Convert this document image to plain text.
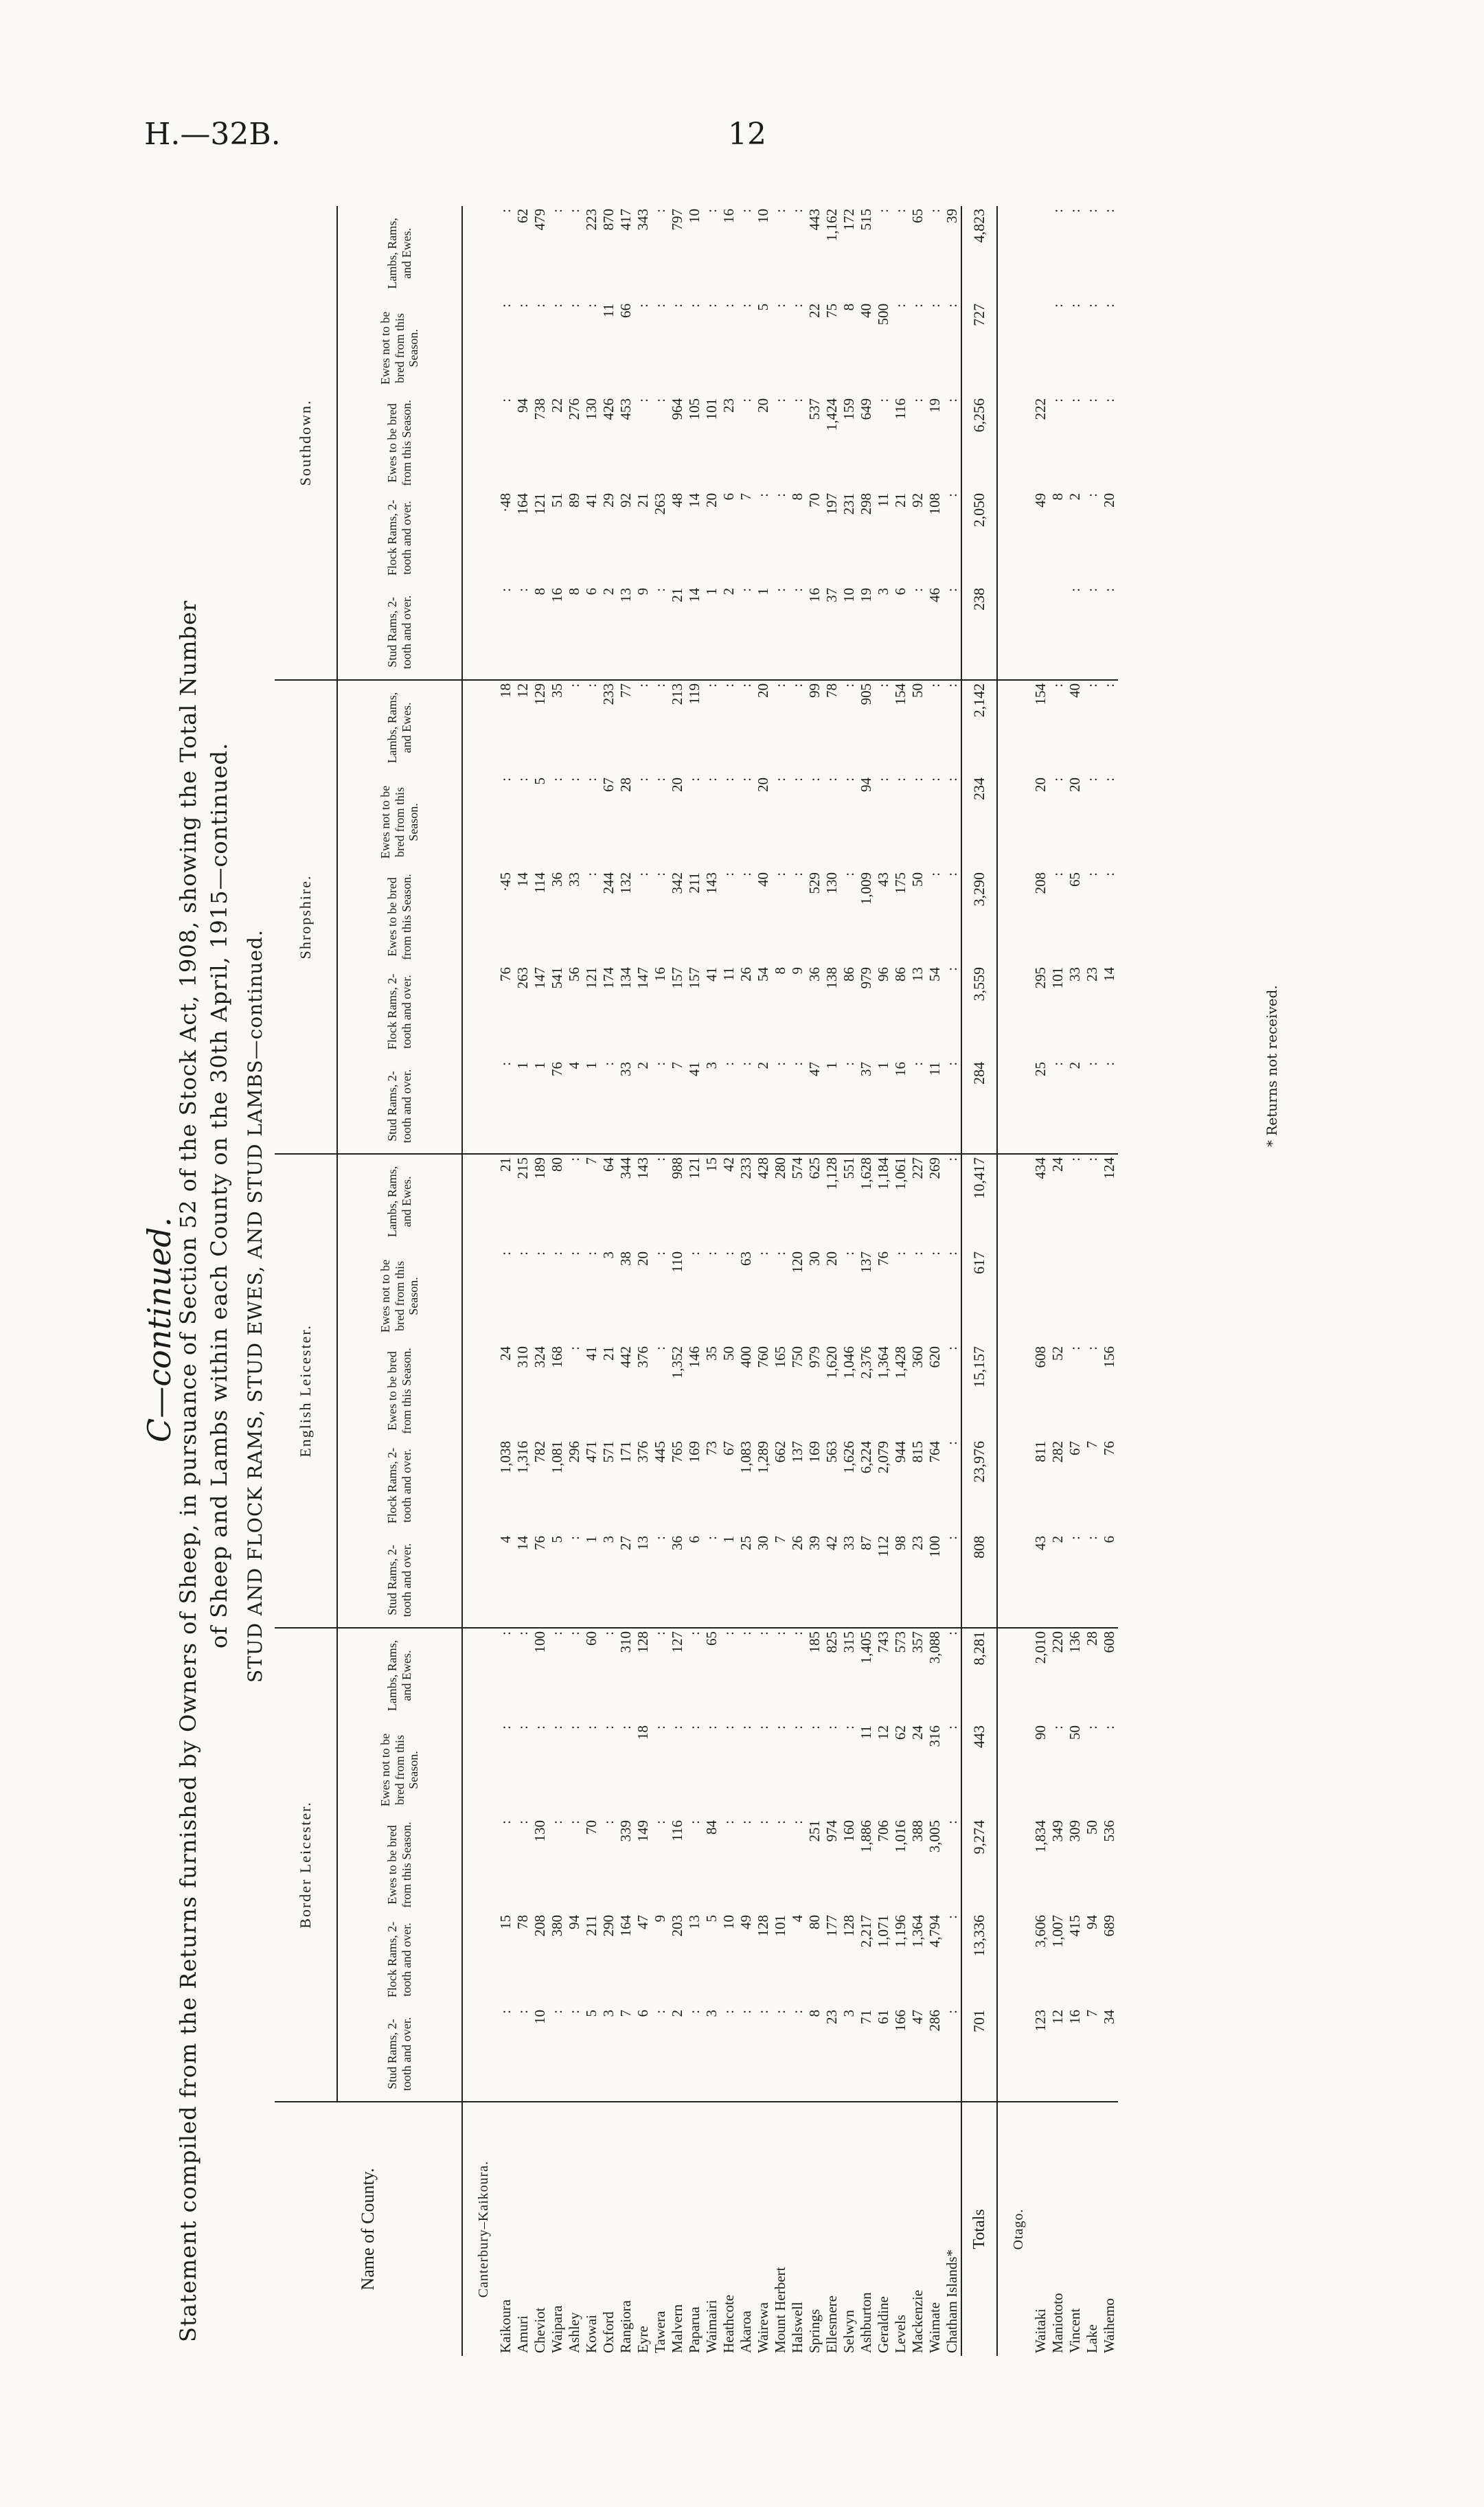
H.—32B.	12
C—continued.
Statement compiled from the Returns furnished by Owners of Sheep, in pursuance of Section 52 of the Stock Act, 1908, showing the Total Number of Sheep and Lambs within each County on the 30th April, 1915—continued. STUD AND FLOCK RAMS, STUD EWES, AND STUD LAMBS—continued.
Name of County.	Border Leicester.					English Leicester.					Shropshire.					Southdown.				
	Stud Rams, 2-tooth and over.	Flock Rams, 2-tooth and over.	Ewes to be bred from this Season.	Ewes not to be bred from this Season.	Lambs, Rams, and Ewes.	Stud Rams, 2-tooth and over.	Flock Rams, 2-tooth and over.	Ewes to be bred from this Season.	Ewes not to be bred from this Season.	Lambs, Rams, and Ewes.	Stud Rams, 2-tooth and over.	Flock Rams, 2-tooth and over.	Ewes to be bred from this Season.	Ewes not to be bred from this Season.	Lambs, Rams, and Ewes.	Stud Rams, 2-tooth and over.	Flock Rams, 2-tooth and over.	Ewes to be bred from this Season.	Ewes not to be bred from this Season.	Lambs, Rams, and Ewes.
Canterbury–Kaikoura.																				
Kaikoura	:	15	:	:	:	4	1,038	24	:	21	:	76	·45	:	18	:	·48	:	:	:
Amuri	:	78	:	:	:	14	1,316	310	:	215	1	263	14	:	12	:	164	94	:	62
Cheviot	10	208	130	:	100	76	782	324	:	189	1	147	114	5	129	8	121	738	:	479
Waipara	:	380	:	:	:	5	1,081	168	:	80	76	541	36	:	35	16	51	22	:	:
Ashley	:	94	:	:	:	:	296	:	:	:	4	56	33	:	:	8	89	276	:	:
Kowai	5	211	70	:	60	1	471	41	:	7	1	121	:	:	:	6	41	130	:	223
Oxford	3	290	:	:	:	3	571	21	3	64	:	174	244	67	233	2	29	426	11	870
Rangiora	7	164	339	:	310	27	171	442	38	344	33	134	132	28	77	13	92	453	66	417
Eyre	6	47	149	18	128	13	376	376	20	143	2	147	:	:	:	9	21	:	:	343
Tawera	:	9	:	:	:	:	445	:	:	:	:	16	:	:	:	:	263	:	:	:
Malvern	2	203	116	:	127	36	765	1,352	110	988	7	157	342	20	213	21	48	964	:	797
Paparua	:	13	:	:	:	6	169	146	:	121	41	157	211	:	119	14	14	105	:	10
Waimairi	3	5	84	:	65	:	73	35	:	15	3	41	143	:	:	1	20	101	:	:
Heathcote	:	10	:	:	:	1	67	50	:	42	:	11	:	:	:	2	6	23	:	16
Akaroa	:	49	:	:	:	25	1,083	400	63	233	:	26	:	:	:	:	7	:	:	:
Wairewa	:	128	:	:	:	30	1,289	760	:	428	2	54	40	20	20	1	:	20	5	10
Mount Herbert	:	101	:	:	:	7	662	165	:	280	:	8	:	:	:	:	:	:	:	:
Halswell	:	4	:	:	:	26	137	750	120	574	:	9	:	:	:	:	8	:	:	:
Springs	8	80	251	:	185	39	169	979	30	625	47	36	529	:	99	16	70	537	22	443
Ellesmere	23	177	974	:	825	42	563	1,620	20	1,128	1	138	130	:	78	37	197	1,424	75	1,162
Selwyn	3	128	160	:	315	33	1,626	1,046	:	551	:	86	:	:	:	10	231	159	8	172
Ashburton	71	2,217	1,886	11	1,405	87	6,224	2,376	137	1,628	37	979	1,009	94	905	19	298	649	40	515
Geraldine	61	1,071	706	12	743	112	2,079	1,364	76	1,184	1	96	43	:	:	3	11	:	500	:
Levels	166	1,196	1,016	62	573	98	944	1,428	:	1,061	16	86	175	:	154	6	21	116	:	:
Mackenzie	47	1,364	388	24	357	23	815	360	:	227	:	13	50	:	50	:	92	:	:	65
Waimate	286	4,794	3,005	316	3,088	100	764	620	:	269	11	54	:	:	:	46	108	19	:	:
Chatham Islands*	:	:	:	:	:	:	:	:	:	:	:	:	:	:	:	:	:	:	:	39
Totals	701	13,336	9,274	443	8,281	808	23,976	15,157	617	10,417	284	3,559	3,290	234	2,142	238	2,050	6,256	727	4,823
Otago.																				
Waitaki	123	3,606	1,834	90	2,010	43	811	608		434	25	295	208	20	154		49	222		
Maniototo	12	1,007	349	:	220	2	282	52		24	:	101	:	:	:		8	:	:	:
Vincent	16	415	309	50	136	:	67	:		:	2	33	65	20	40	:	2	:	:	:
Lake	7	94	50	:	28	:	7	:		:	:	23	:	:	:	:	:	:	:	:
Waihemo	34	689	536	:	608	6	76	156		124	:	14	:	:	:	:	20	:	:	:
* Returns not received.
